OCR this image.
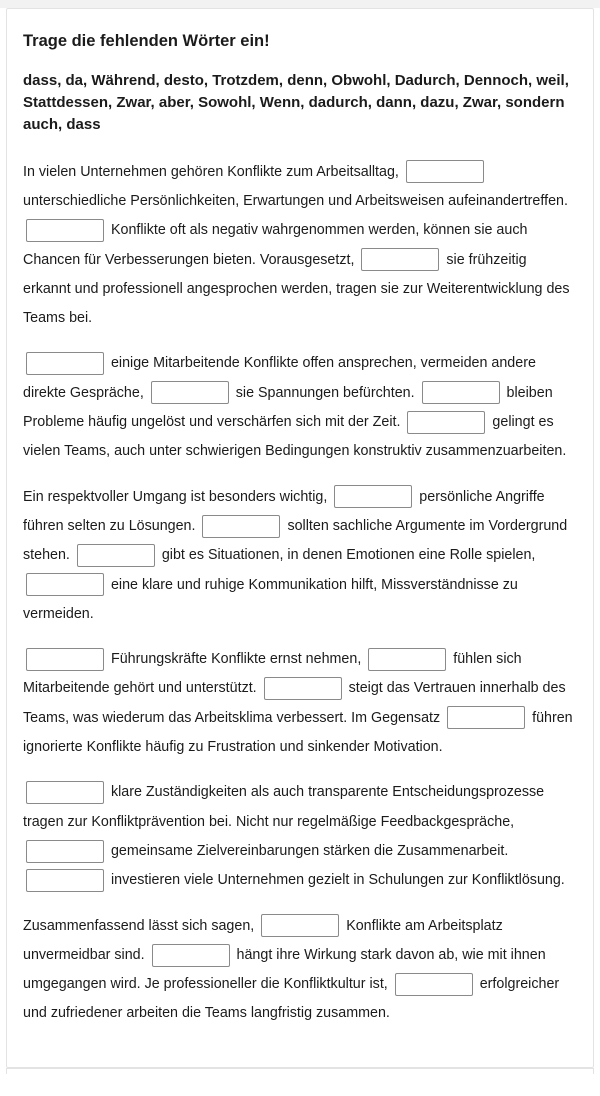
Trage die fehlenden Wörter ein!
dass, da, Während, desto, Trotzdem, denn, Obwohl, Dadurch, Dennoch, weil, Stattdessen, Zwar, aber, Sowohl, Wenn, dadurch, dann, dazu, Zwar, sondern auch, dass
In vielen Unternehmen gehören Konflikte zum Arbeitsalltag,  unterschiedliche Persönlichkeiten, Erwartungen und Arbeitsweisen aufeinandertreffen.  Konflikte oft als negativ wahrgenommen werden, können sie auch Chancen für Verbesserungen bieten. Vorausgesetzt,	sie frühzeitig erkannt und professionell angesprochen werden, tragen sie zur Weiterentwicklung des Teams bei.
einige Mitarbeitende Konflikte offen ansprechen, vermeiden andere direkte Gespräche,	sie Spannungen befürchten.	bleiben Probleme häufig ungelöst und verschärfen sich mit der Zeit.	gelingt es vielen Teams, auch unter schwierigen Bedingungen konstruktiv zusammenzuarbeiten.
Ein respektvoller Umgang ist besonders wichtig,	persönliche Angriffe führen selten zu Lösungen.	sollten sachliche Argumente im Vordergrund stehen.	gibt es Situationen, in denen Emotionen eine Rolle spielen,  eine klare und ruhige Kommunikation hilft, Missverständnisse zu vermeiden.
Führungskräfte Konflikte ernst nehmen,	fühlen sich Mitarbeitende gehört und unterstützt.	steigt das Vertrauen innerhalb des Teams, was wiederum das Arbeitsklima verbessert. Im Gegensatz	führen ignorierte Konflikte häufig zu Frustration und sinkender Motivation.
klare Zuständigkeiten als auch transparente Entscheidungsprozesse tragen zur Konfliktprävention bei. Nicht nur regelmäßige Feedbackgespräche,  gemeinsame Zielvereinbarungen stärken die Zusammenarbeit.  investieren viele Unternehmen gezielt in Schulungen zur Konfliktlösung.
Zusammenfassend lässt sich sagen,	Konflikte am Arbeitsplatz unvermeidbar sind.	hängt ihre Wirkung stark davon ab, wie mit ihnen umgegangen wird. Je professioneller die Konfliktkultur ist,	erfolgreicher und zufriedener arbeiten die Teams langfristig zusammen.
